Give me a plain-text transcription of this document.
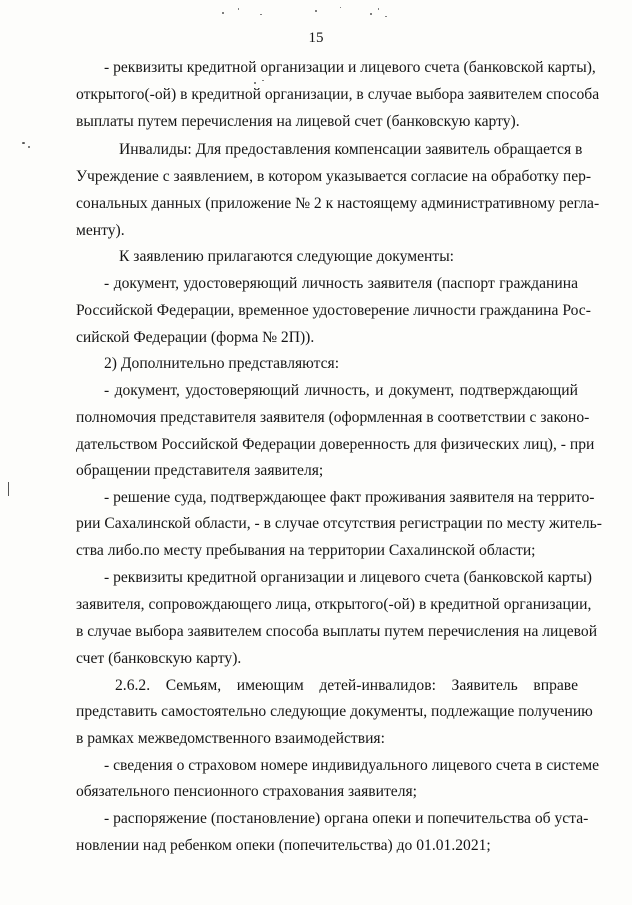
15
- реквизиты кредитной организации и лицевого счета (банковской карты),
открытого(-ой) в кредитной организации, в случае выбора заявителем способа
выплаты путем перечисления на лицевой счет (банковскую карту).
Инвалиды: Для предоставления компенсации заявитель обращается в
Учреждение с заявлением, в котором указывается согласие на обработку пер-
сональных данных (приложение № 2 к настоящему административному регла-
менту).
К заявлению прилагаются следующие документы:
- документ, удостоверяющий личность заявителя (паспорт гражданина
Российской Федерации, временное удостоверение личности гражданина Рос-
сийской Федерации (форма № 2П)).
2) Дополнительно представляются:
- документ, удостоверяющий личность, и документ, подтверждающий
полномочия представителя заявителя (оформленная в соответствии с законо-
дательством Российской Федерации доверенность для физических лиц), - при
обращении представителя заявителя;
- решение суда, подтверждающее факт проживания заявителя на террито-
рии Сахалинской области, - в случае отсутствия регистрации по месту житель-
ства либо.по месту пребывания на территории Сахалинской области;
- реквизиты кредитной организации и лицевого счета (банковской карты)
заявителя, сопровождающего лица, открытого(-ой) в кредитной организации,
в случае выбора заявителем способа выплаты путем перечисления на лицевой
счет (банковскую карту).
2.6.2. Семьям, имеющим детей-инвалидов: Заявитель вправе
представить самостоятельно следующие документы, подлежащие получению
в рамках межведомственного взаимодействия:
- сведения о страховом номере индивидуального лицевого счета в системе
обязательного пенсионного страхования заявителя;
- распоряжение (постановление) органа опеки и попечительства об уста-
новлении над ребенком опеки (попечительства) до 01.01.2021;
